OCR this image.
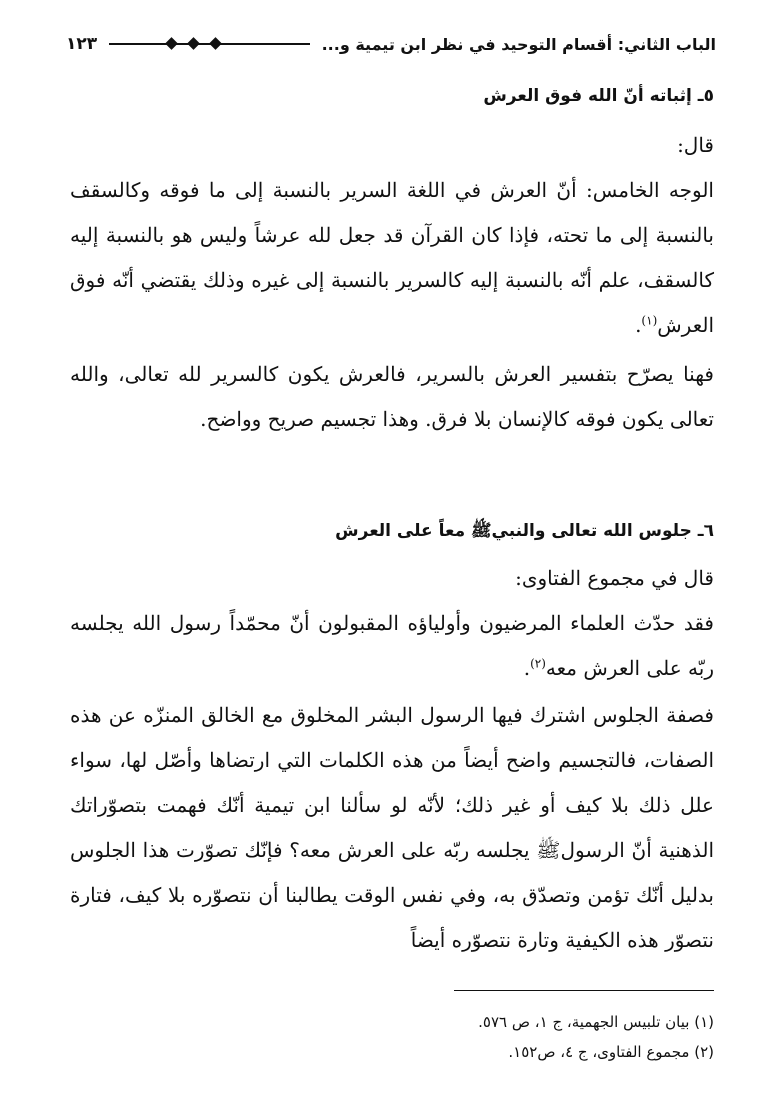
الباب الثاني: أقسام التوحيد في نظر ابن تيمية و...
١٢٣
٥ـ إثباته أنّ الله فوق العرش
قال:
الوجه الخامس: أنّ العرش في اللغة السرير بالنسبة إلى ما فوقه وكالسقف بالنسبة إلى ما تحته، فإذا كان القرآن قد جعل لله عرشاً وليس هو بالنسبة إليه كالسقف، علم أنّه بالنسبة إليه كالسرير بالنسبة إلى غيره وذلك يقتضي أنّه فوق العرش$^{(١)}$.
فهنا يصرّح بتفسير العرش بالسرير، فالعرش يكون كالسرير لله تعالى، والله تعالى يكون فوقه كالإنسان بلا فرق. وهذا تجسيم صريح وواضح.
٦ـ جلوس الله تعالى والنبيﷺ معاً على العرش
قال في مجموع الفتاوى:
فقد حدّث العلماء المرضيون وأولياؤه المقبولون أنّ محمّداً رسول الله يجلسه ربّه على العرش معه$^{(٢)}$.
فصفة الجلوس اشترك فيها الرسول البشر المخلوق مع الخالق المنزّه عن هذه الصفات، فالتجسيم واضح أيضاً من هذه الكلمات التي ارتضاها وأصّل لها، سواء علل ذلك بلا كيف أو غير ذلك؛ لأنّه لو سألنا ابن تيمية أنّك فهمت بتصوّراتك الذهنية أنّ الرسولﷺ يجلسه ربّه على العرش معه؟ فإنّك تصوّرت هذا الجلوس بدليل أنّك تؤمن وتصدّق به، وفي نفس الوقت يطالبنا أن نتصوّره بلا كيف، فتارة نتصوّر هذه الكيفية وتارة نتصوّره أيضاً
(١) بيان تلبيس الجهمية، ج ١، ص ٥٧٦.
(٢) مجموع الفتاوى، ج ٤، ص١٥٢.
